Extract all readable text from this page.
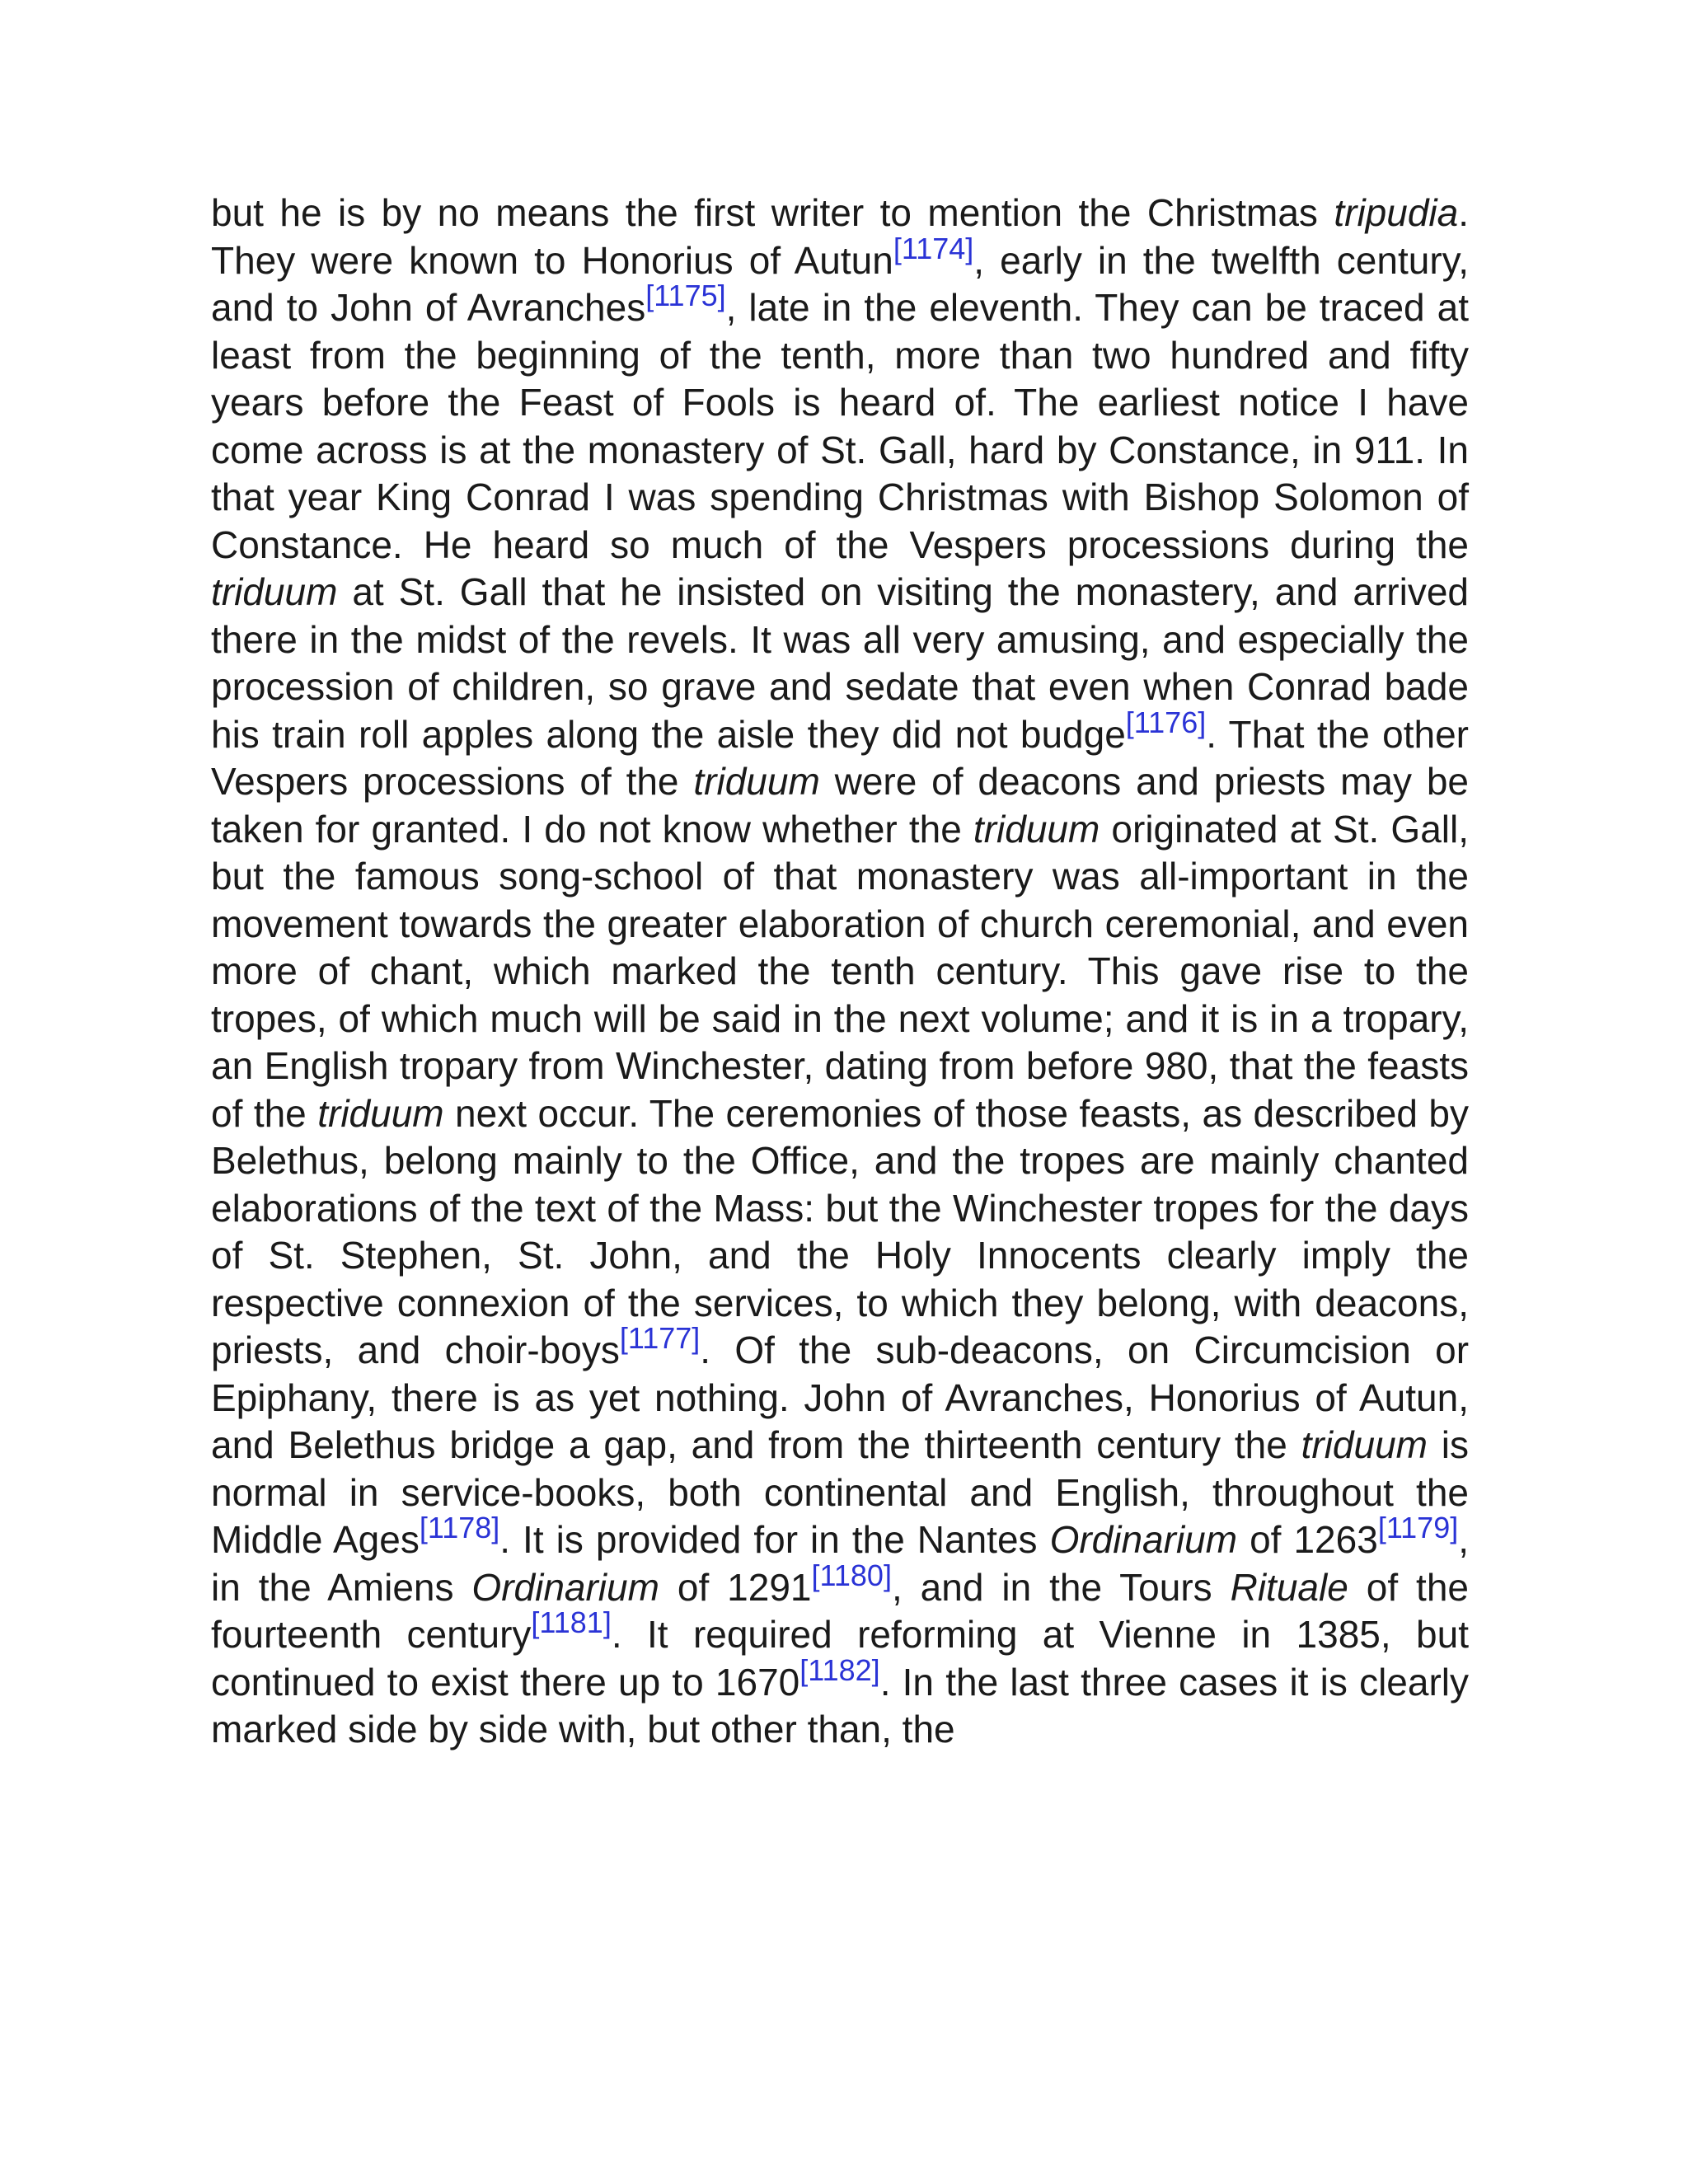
but he is by no means the first writer to mention the Christmas tripudia. They were known to Honorius of Autun[1174], early in the twelfth century, and to John of Avranches[1175], late in the eleventh. They can be traced at least from the beginning of the tenth, more than two hundred and fifty years before the Feast of Fools is heard of. The earliest notice I have come across is at the monastery of St. Gall, hard by Constance, in 911. In that year King Conrad I was spending Christmas with Bishop Solomon of Constance. He heard so much of the Vespers processions during the triduum at St. Gall that he insisted on visiting the monastery, and arrived there in the midst of the revels. It was all very amusing, and especially the procession of children, so grave and sedate that even when Conrad bade his train roll apples along the aisle they did not budge[1176]. That the other Vespers processions of the triduum were of deacons and priests may be taken for granted. I do not know whether the triduum originated at St. Gall, but the famous song-school of that monastery was all-important in the movement towards the greater elaboration of church ceremonial, and even more of chant, which marked the tenth century. This gave rise to the tropes, of which much will be said in the next volume; and it is in a tropary, an English tropary from Winchester, dating from before 980, that the feasts of the triduum next occur. The ceremonies of those feasts, as described by Belethus, belong mainly to the Office, and the tropes are mainly chanted elaborations of the text of the Mass: but the Winchester tropes for the days of St. Stephen, St. John, and the Holy Innocents clearly imply the respective connexion of the services, to which they belong, with deacons, priests, and choir-boys[1177]. Of the sub-deacons, on Circumcision or Epiphany, there is as yet nothing. John of Avranches, Honorius of Autun, and Belethus bridge a gap, and from the thirteenth century the triduum is normal in service-books, both continental and English, throughout the Middle Ages[1178]. It is provided for in the Nantes Ordinarium of 1263[1179], in the Amiens Ordinarium of 1291[1180], and in the Tours Rituale of the fourteenth century[1181]. It required reforming at Vienne in 1385, but continued to exist there up to 1670[1182]. In the last three cases it is clearly marked side by side with, but other than, the
